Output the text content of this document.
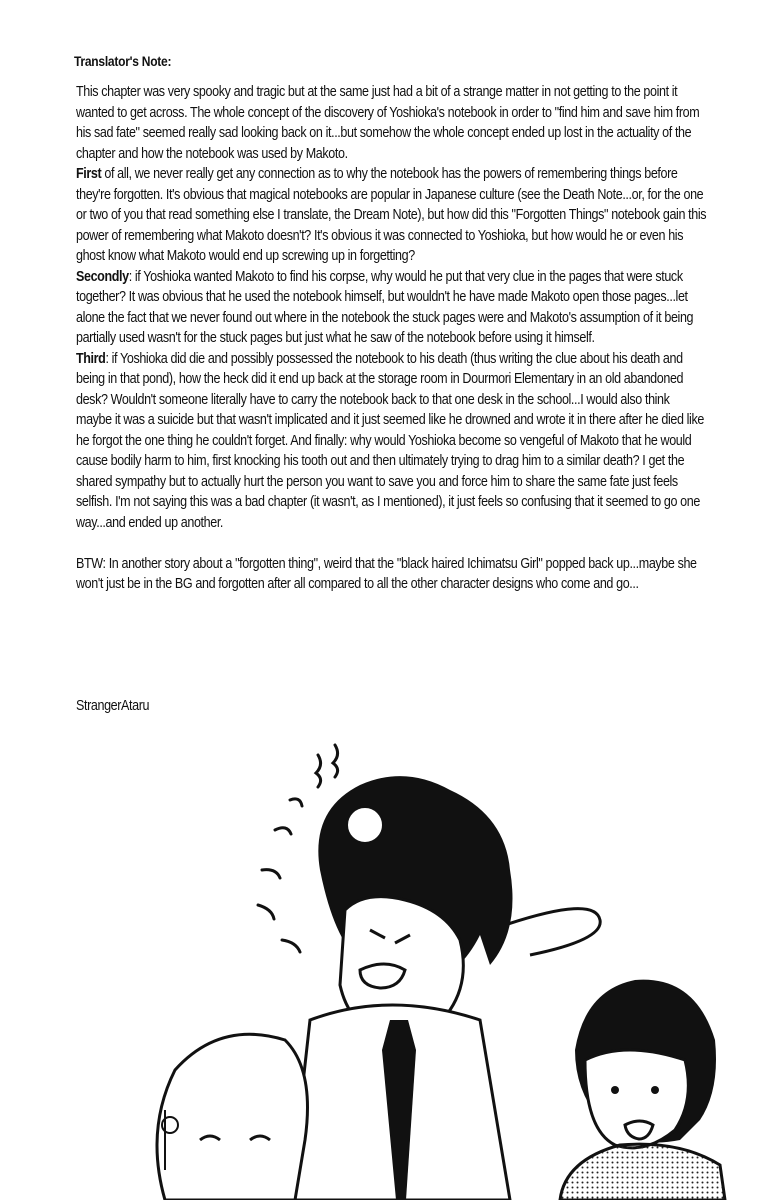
Translator's Note:

This chapter was very spooky and tragic but at the same just had a bit of a strange matter in not getting to the point it wanted to get across. The whole concept of the discovery of Yoshioka's notebook in order to "find him and save him from his sad fate" seemed really sad looking back on it...but somehow the whole concept ended up lost in the actuality of the chapter and how the notebook was used by Makoto.

First of all, we never really get any connection as to why the notebook has the powers of remembering things before they're forgotten. It's obvious that magical notebooks are popular in Japanese culture (see the Death Note...or, for the one or two of you that read something else I translate, the Dream Note), but how did this "Forgotten Things" notebook gain this power of remembering what Makoto doesn't? It's obvious it was connected to Yoshioka, but how would he or even his ghost know what Makoto would end up screwing up in forgetting?

Secondly: if Yoshioka wanted Makoto to find his corpse, why would he put that very clue in the pages that were stuck together? It was obvious that he used the notebook himself, but wouldn't he have made Makoto open those pages...let alone the fact that we never found out where in the notebook the stuck pages were and Makoto's assumption of it being partially used wasn't for the stuck pages but just what he saw of the notebook before using it himself.

Third: if Yoshioka did die and possibly possessed the notebook to his death (thus writing the clue about his death and being in that pond), how the heck did it end up back at the storage room in Dourmori Elementary in an old abandoned desk? Wouldn't someone literally have to carry the notebook back to that one desk in the school...I would also think maybe it was a suicide but that wasn't implicated and it just seemed like he drowned and wrote it in there after he died like he forgot the one thing he couldn't forget. And finally: why would Yoshioka become so vengeful of Makoto that he would cause bodily harm to him, first knocking his tooth out and then ultimately trying to drag him to a similar death? I get the shared sympathy but to actually hurt the person you want to save you and force him to share the same fate just feels selfish. I'm not saying this was a bad chapter (it wasn't, as I mentioned), it just feels so confusing that it seemed to go one way...and ended up another.

BTW: In another story about a "forgotten thing", weird that the "black haired Ichimatsu Girl" popped back up...maybe she won't just be in the BG and forgotten after all compared to all the other character designs who come and go...

StrangerAtaru
